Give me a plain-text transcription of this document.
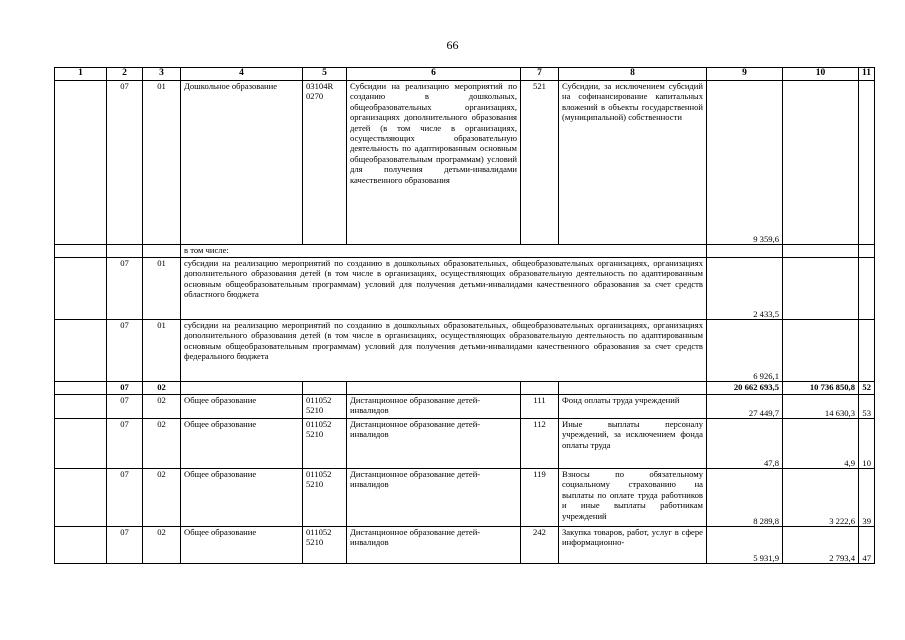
66
1	2	3	4	5	6	7	8	9	10	11
	07	01	Дошкольное образование	03104R 0270	Субсидии на реализацию мероприятий по созданию в дошкольных, общеобразовательных организациях, организациях дополнительного образования детей (в том числе в организациях, осуществляющих образовательную деятельность по адаптированным основным общеобразовательным программам) условий для получения детьми-инвалидами качественного образования	521	Субсидии, за исключением субсидий на софинансирование капитальных вложений в объекты государственной (муниципальной) собственности	9 359,6		
			в том числе:							
	07	01	субсидии на реализацию мероприятий по созданию в дошкольных образовательных, общеобразовательных организациях, организациях дополнительного образования детей (в том числе в организациях, осуществляющих образовательную деятельность по адаптированным основным общеобразовательным программам) условий для получения детьми-инвалидами качественного образования за счет средств областного бюджета					2 433,5		
	07	01	субсидии на реализацию мероприятий по созданию в дошкольных образовательных, общеобразовательных организациях, организациях дополнительного образования детей (в том числе в организациях, осуществляющих образовательную деятельность по адаптированным основным общеобразовательным программам) условий для получения детьми-инвалидами качественного образования за счет средств федерального бюджета					6 926,1		
	07	02						20 662 693,5	10 736 850,8	52
	07	02	Общее образование	011052 5210	Дистанционное образование детей-инвалидов	111	Фонд оплаты труда учреждений	27 449,7	14 630,3	53
	07	02	Общее образование	011052 5210	Дистанционное образование детей-инвалидов	112	Иные выплаты персоналу учреждений, за исключением фонда оплаты труда	47,8	4,9	10
	07	02	Общее образование	011052 5210	Дистанционное образование детей-инвалидов	119	Взносы по обязательному социальному страхованию на выплаты по оплате труда работников и иные выплаты работникам учреждений	8 289,8	3 222,6	39
	07	02	Общее образование	011052 5210	Дистанционное образование детей-инвалидов	242	Закупка товаров, работ, услуг в сфере информационно-	5 931,9	2 793,4	47
